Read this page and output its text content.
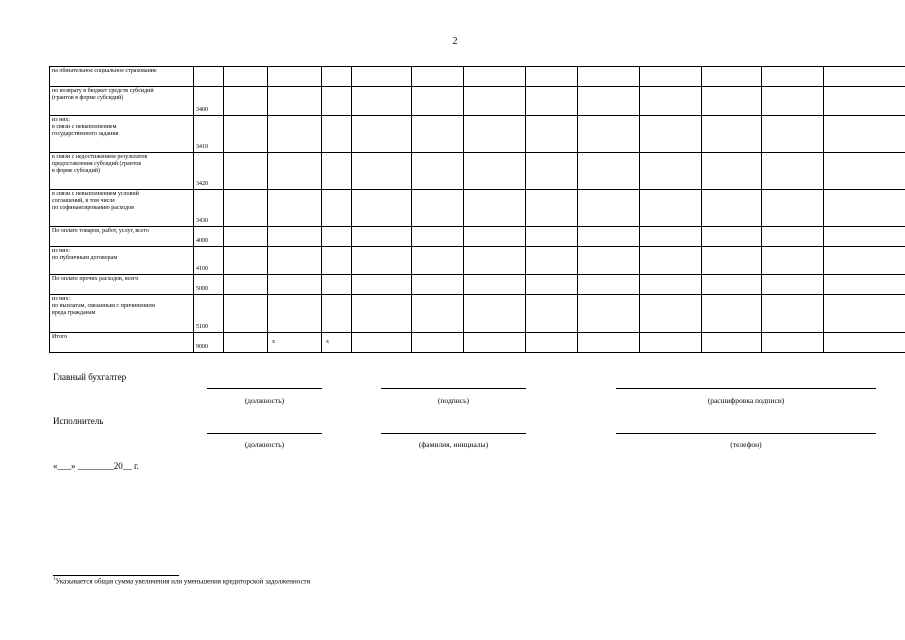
2
на обязательное социальное страхование													
по возврату в бюджет средств субсидий
(грантов в форме субсидий)	3400												
из них:
в связи с невыполнением
государственного задания	3410												
в связи с недостижением результатов
предоставления субсидий (грантов
в форме субсидий)	3420												
в связи с невыполнением условий
соглашений, в том числе
по софинансированию расходов	3430												
По оплате товаров, работ, услуг, всего	4000												
из них:
по публичным договорам	4100												
По оплате прочих расходов, всего	5000												
из них:
по выплатам, связанным с причинением
вреда гражданам	5100												
Итого	9000		x	x									
Главный бухгалтер
(должность)	(подпись)	(расшифровка подписи)
Исполнитель
(должность)	(фамилия, инициалы)	(телефон)
«___» ________20__ г.
$^1$Указывается общая сумма увеличения или уменьшения кредиторской задолженности
